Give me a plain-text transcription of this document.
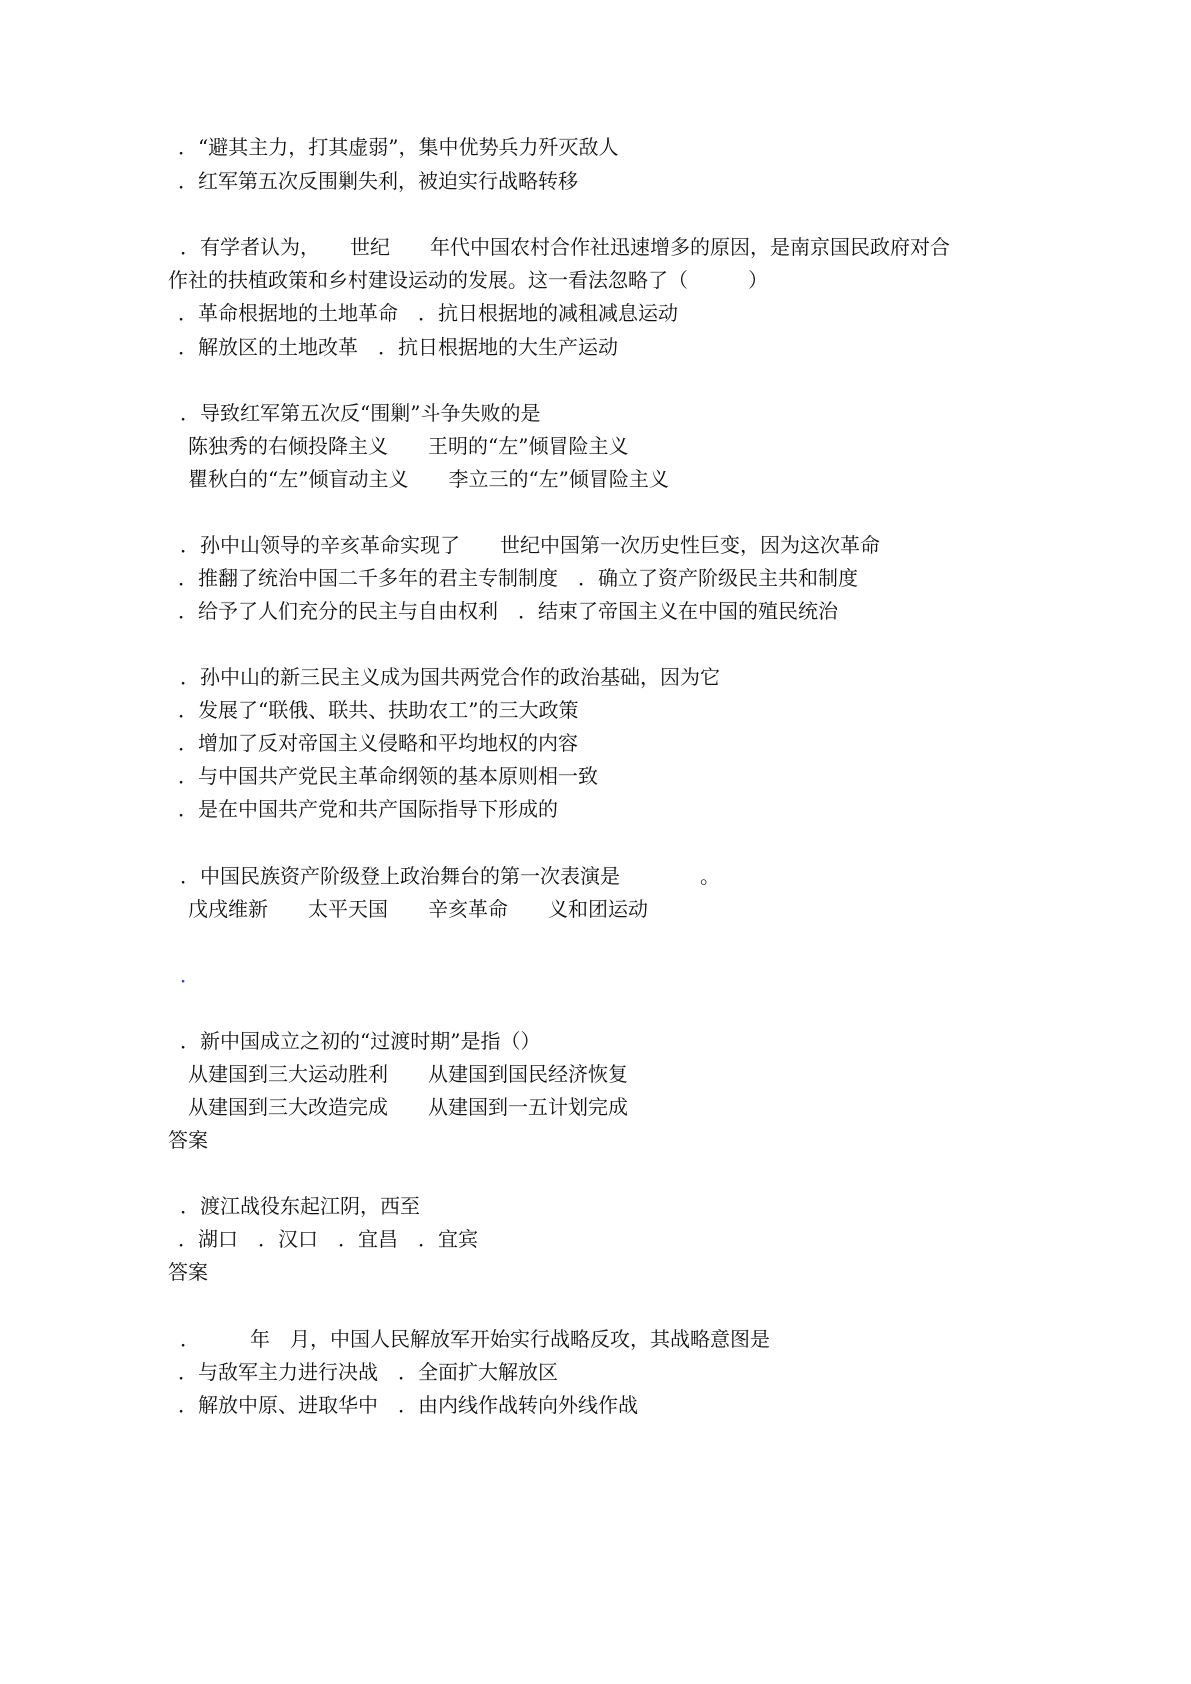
．“避其主力，打其虚弱”，集中优势兵力歼灭敌人
．红军第五次反围剿失利，被迫实行战略转移
．有学者认为，　　世纪　　年代中国农村合作社迅速增多的原因，是南京国民政府对合
作社的扶植政策和乡村建设运动的发展。这一看法忽略了（　　　）
．革命根据地的土地革命　．抗日根据地的减租减息运动
．解放区的土地改革　．抗日根据地的大生产运动
．导致红军第五次反“围剿”斗争失败的是
陈独秀的右倾投降主义　　王明的“左”倾冒险主义
瞿秋白的“左”倾盲动主义　　李立三的“左”倾冒险主义
．孙中山领导的辛亥革命实现了　　世纪中国第一次历史性巨变，因为这次革命
．推翻了统治中国二千多年的君主专制制度　．确立了资产阶级民主共和制度
．给予了人们充分的民主与自由权利　．结束了帝国主义在中国的殖民统治
．孙中山的新三民主义成为国共两党合作的政治基础，因为它
．发展了“联俄、联共、扶助农工”的三大政策
．增加了反对帝国主义侵略和平均地权的内容
．与中国共产党民主革命纲领的基本原则相一致
．是在中国共产党和共产国际指导下形成的
．中国民族资产阶级登上政治舞台的第一次表演是　　　　。
戊戌维新　　太平天国　　辛亥革命　　义和团运动
．
．新中国成立之初的“过渡时期”是指（）
从建国到三大运动胜利　　从建国到国民经济恢复
从建国到三大改造完成　　从建国到一五计划完成
答案
．渡江战役东起江阴，西至
．湖口　．汉口　．宜昌　．宜宾
答案
．　　　年　月，中国人民解放军开始实行战略反攻，其战略意图是
．与敌军主力进行决战　．全面扩大解放区
．解放中原、进取华中　．由内线作战转向外线作战
